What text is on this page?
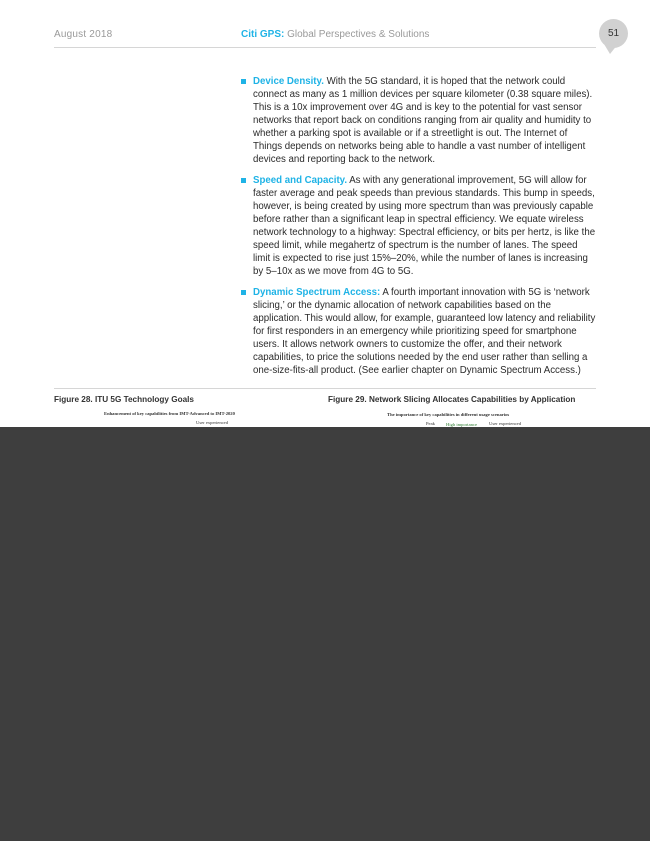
August 2018	Citi GPS: Global Perspectives & Solutions	51
Device Density. With the 5G standard, it is hoped that the network could connect as many as 1 million devices per square kilometer (0.38 square miles). This is a 10x improvement over 4G and is key to the potential for vast sensor networks that report back on conditions ranging from air quality and humidity to whether a parking spot is available or if a streetlight is out. The Internet of Things depends on networks being able to handle a vast number of intelligent devices and reporting back to the network.
Speed and Capacity. As with any generational improvement, 5G will allow for faster average and peak speeds than previous standards. This bump in speeds, however, is being created by using more spectrum than was previously capable before rather than a significant leap in spectral efficiency. We equate wireless network technology to a highway: Spectral efficiency, or bits per hertz, is like the speed limit, while megahertz of spectrum is the number of lanes. The speed limit is expected to rise just 15%–20%, while the number of lanes is increasing by 5–10x as we move from 4G to 5G.
Dynamic Spectrum Access: A fourth important innovation with 5G is ‘network slicing,’ or the dynamic allocation of network capabilities based on the application. This would allow, for example, guaranteed low latency and reliability for first responders in an emergency while prioritizing speed for smartphone users. It allows network owners to customize the offer, and their network capabilities, to price the solutions needed by the end user rather than selling a one-size-fits-all product. (See earlier chapter on Dynamic Spectrum Access.)
Figure 28. ITU 5G Technology Goals	Figure 29. Network Slicing Allocates Capabilities by Application
Enhancement of key capabilities from IMT-Advanced to IMT-2020
User experienced
The importance of key capabilities in different usage scenarios
Peak High importance	User experienced
